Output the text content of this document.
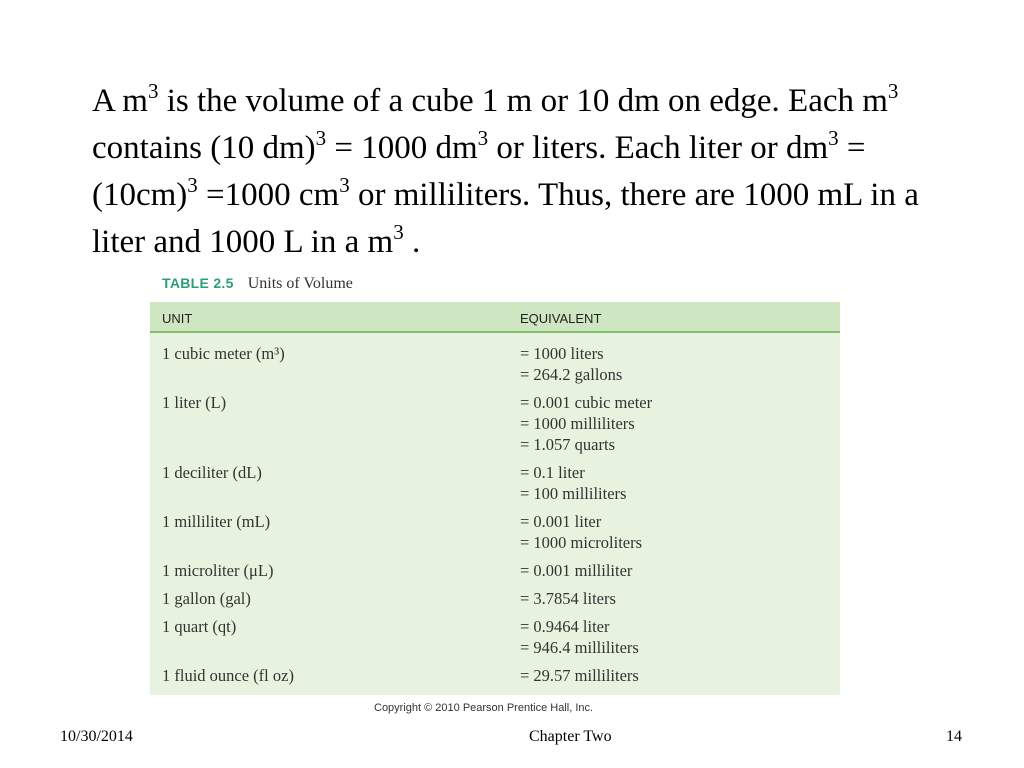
A $m^3$ is the volume of a cube 1 m or 10 dm on edge. Each $m^3$ contains (10 dm)$^3$ = 1000 $dm^3$ or liters. Each liter or $dm^3 = (10cm)^3 =1000$ $cm^3$ or milliliters. Thus, there are 1000 mL in a liter and 1000 L in a $m^3$ .

TABLE 2.5 Units of Volume
UNIT	EQUIVALENT
1 cubic meter (m³)	= 1000 liters
= 264.2 gallons
1 liter (L)	= 0.001 cubic meter
= 1000 milliliters
= 1.057 quarts
1 deciliter (dL)	= 0.1 liter
= 100 milliliters
1 milliliter (mL)	= 0.001 liter
= 1000 microliters
1 microliter (μL)	= 0.001 milliliter
1 gallon (gal)	= 3.7854 liters
1 quart (qt)	= 0.9464 liter
= 946.4 milliliters
1 fluid ounce (fl oz)	= 29.57 milliliters
Copyright © 2010 Pearson Prentice Hall, Inc.
10/30/2014	Chapter Two	14
